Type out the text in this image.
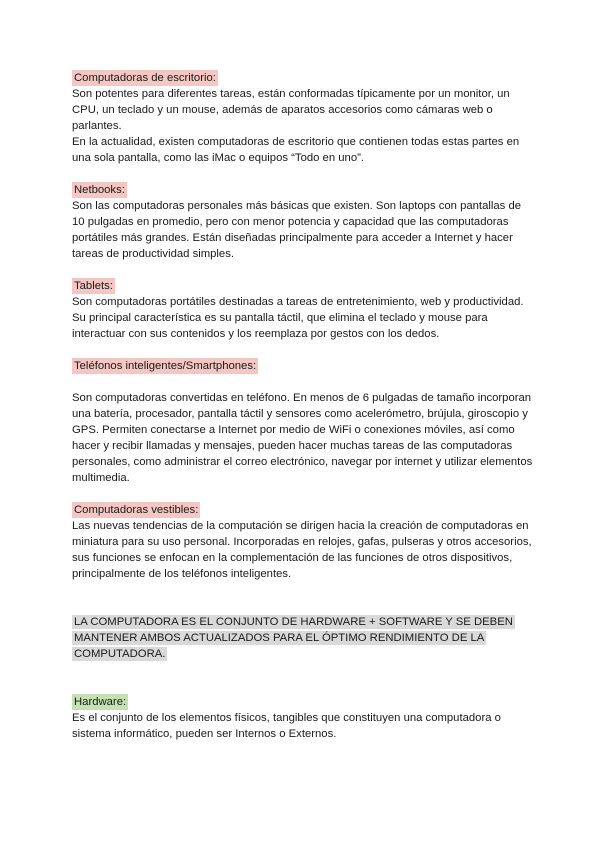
Computadoras de escritorio:

Son potentes para diferentes tareas, están conformadas típicamente por un monitor, un CPU, un teclado y un mouse, además de aparatos accesorios como cámaras web o parlantes.

En la actualidad, existen computadoras de escritorio que contienen todas estas partes en una sola pantalla, como las iMac o equipos “Todo en uno”.

Netbooks:

Son las computadoras personales más básicas que existen. Son laptops con pantallas de 10 pulgadas en promedio, pero con menor potencia y capacidad que las computadoras portátiles más grandes. Están diseñadas principalmente para acceder a Internet y hacer tareas de productividad simples.

Tablets:

Son computadoras portátiles destinadas a tareas de entretenimiento, web y productividad. Su principal característica es su pantalla táctil, que elimina el teclado y mouse para interactuar con sus contenidos y los reemplaza por gestos con los dedos.

Teléfonos inteligentes/Smartphones:

Son computadoras convertidas en teléfono. En menos de 6 pulgadas de tamaño incorporan una batería, procesador, pantalla táctil y sensores como acelerómetro, brújula, giroscopio y GPS. Permiten conectarse a Internet por medio de WiFi o conexiones móviles, así como hacer y recibir llamadas y mensajes, pueden hacer muchas tareas de las computadoras personales, como administrar el correo electrónico, navegar por internet y utilizar elementos multimedia.

Computadoras vestibles:

Las nuevas tendencias de la computación se dirigen hacia la creación de computadoras en miniatura para su uso personal. Incorporadas en relojes, gafas, pulseras y otros accesorios, sus funciones se enfocan en la complementación de las funciones de otros dispositivos, principalmente de los teléfonos inteligentes.

LA COMPUTADORA ES EL CONJUNTO DE HARDWARE + SOFTWARE Y SE DEBEN MANTENER AMBOS ACTUALIZADOS PARA EL ÓPTIMO RENDIMIENTO DE LA COMPUTADORA.
Hardware:

Es el conjunto de los elementos físicos, tangibles que constituyen una computadora o sistema informático, pueden ser Internos o Externos.
